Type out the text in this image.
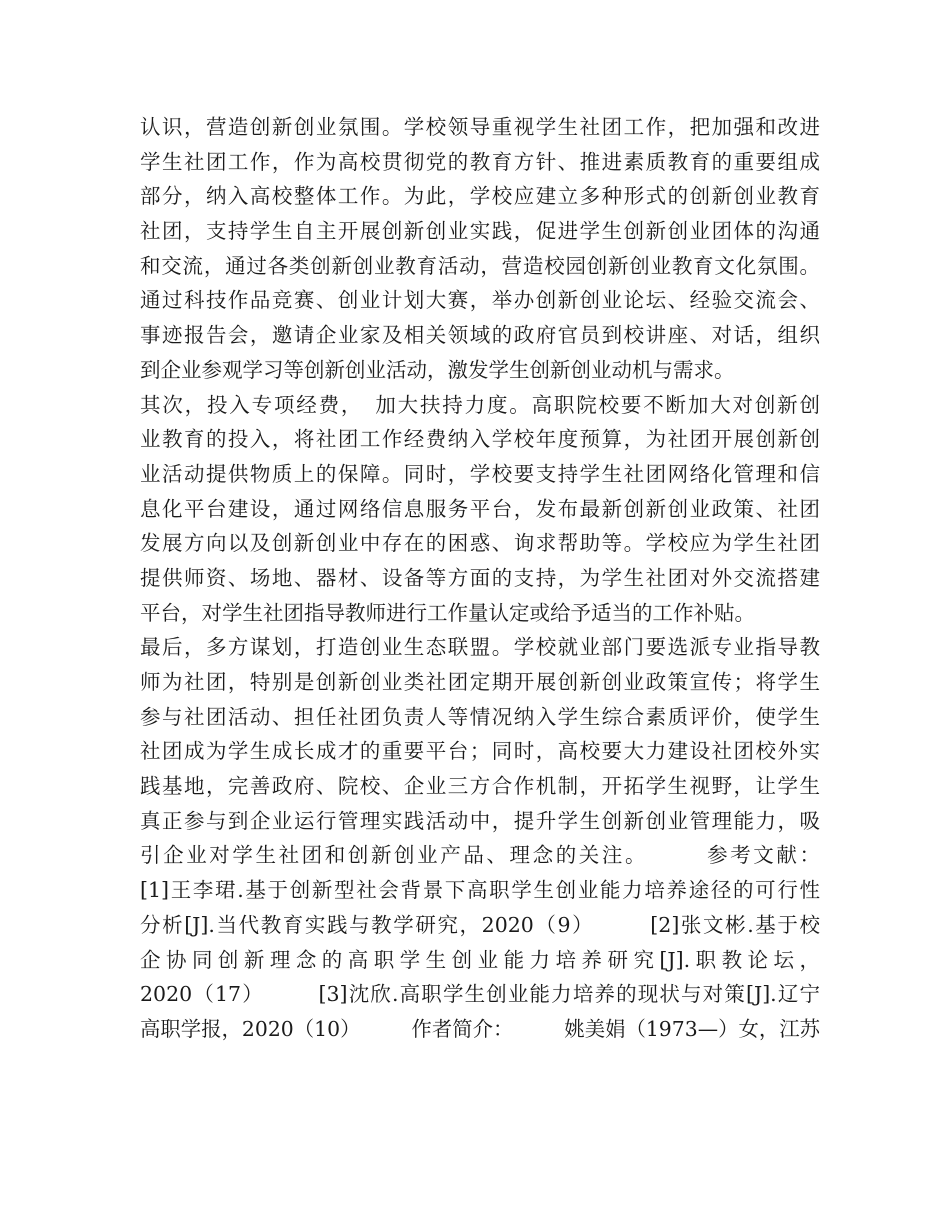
认识，营造创新创业氛围。学校领导重视学生社团工作，把加强和改进
学生社团工作，作为高校贯彻党的教育方针、推进素质教育的重要组成
部分，纳入高校整体工作。为此，学校应建立多种形式的创新创业教育
社团，支持学生自主开展创新创业实践，促进学生创新创业团体的沟通
和交流，通过各类创新创业教育活动，营造校园创新创业教育文化氛围。
通过科技作品竞赛、创业计划大赛，举办创新创业论坛、经验交流会、
事迹报告会，邀请企业家及相关领域的政府官员到校讲座、对话，组织
到企业参观学习等创新创业活动，激发学生创新创业动机与需求。
其次，投入专项经费，　加大扶持力度。高职院校要不断加大对创新创
业教育的投入，将社团工作经费纳入学校年度预算，为社团开展创新创
业活动提供物质上的保障。同时，学校要支持学生社团网络化管理和信
息化平台建设，通过网络信息服务平台，发布最新创新创业政策、社团
发展方向以及创新创业中存在的困惑、询求帮助等。学校应为学生社团
提供师资、场地、器材、设备等方面的支持，为学生社团对外交流搭建
平台，对学生社团指导教师进行工作量认定或给予适当的工作补贴。
最后，多方谋划，打造创业生态联盟。学校就业部门要选派专业指导教
师为社团，特别是创新创业类社团定期开展创新创业政策宣传；将学生
参与社团活动、担任社团负责人等情况纳入学生综合素质评价，使学生
社团成为学生成长成才的重要平台；同时，高校要大力建设社团校外实
践基地，完善政府、院校、企业三方合作机制，开拓学生视野，让学生
真正参与到企业运行管理实践活动中，提升学生创新创业管理能力，吸
引企业对学生社团和创新创业产品、理念的关注。　　　参考文献：
[1]王李珺.基于创新型社会背景下高职学生创业能力培养途径的可行性
分析[J].当代教育实践与教学研究，2020（9）　　　[2]张文彬.基于校
企协同创新理念的高职学生创业能力培养研究[J].职教论坛，
2020（17）　　　[3]沈欣.高职学生创业能力培养的现状与对策[J].辽宁
高职学报，2020（10）　　　作者简介：　　　姚美娟（1973—）女，江苏
